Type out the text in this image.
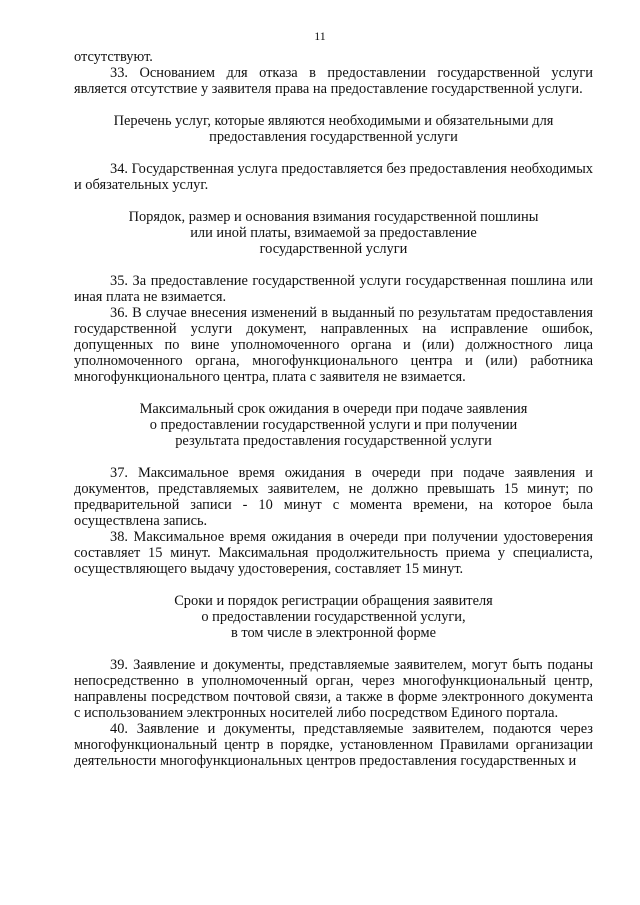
11

отсутствуют.

33. Основанием для отказа в предоставлении государственной услуги является отсутствие у заявителя права на предоставление государственной услуги.

Перечень услуг, которые являются необходимыми и обязательными для

предоставления государственной услуги

34. Государственная услуга предоставляется без предоставления необходимых и обязательных услуг.

Порядок, размер и основания взимания государственной пошлины

или иной платы, взимаемой за предоставление

государственной услуги

35. За предоставление государственной услуги государственная пошлина или иная плата не взимается.

36. В случае внесения изменений в выданный по результатам предоставления государственной услуги документ, направленных на исправление ошибок, допущенных по вине уполномоченного органа и (или) должностного лица уполномоченного органа, многофункционального центра и (или) работника многофункционального центра, плата с заявителя не взимается.

Максимальный срок ожидания в очереди при подаче заявления

о предоставлении государственной услуги и при получении

результата предоставления государственной услуги

37. Максимальное время ожидания в очереди при подаче заявления и документов, представляемых заявителем, не должно превышать 15 минут; по предварительной записи - 10 минут с момента времени, на которое была осуществлена запись.

38. Максимальное время ожидания в очереди при получении удостоверения составляет 15 минут. Максимальная продолжительность приема у специалиста, осуществляющего выдачу удостоверения, составляет 15 минут.

Сроки и порядок регистрации обращения заявителя

о предоставлении государственной услуги,

в том числе в электронной форме

39. Заявление и документы, представляемые заявителем, могут быть поданы непосредственно в уполномоченный орган, через многофункциональный центр, направлены посредством почтовой связи, а также в форме электронного документа с использованием электронных носителей либо посредством Единого портала.

40. Заявление и документы, представляемые заявителем, подаются через многофункциональный центр в порядке, установленном Правилами организации деятельности многофункциональных центров предоставления государственных и
